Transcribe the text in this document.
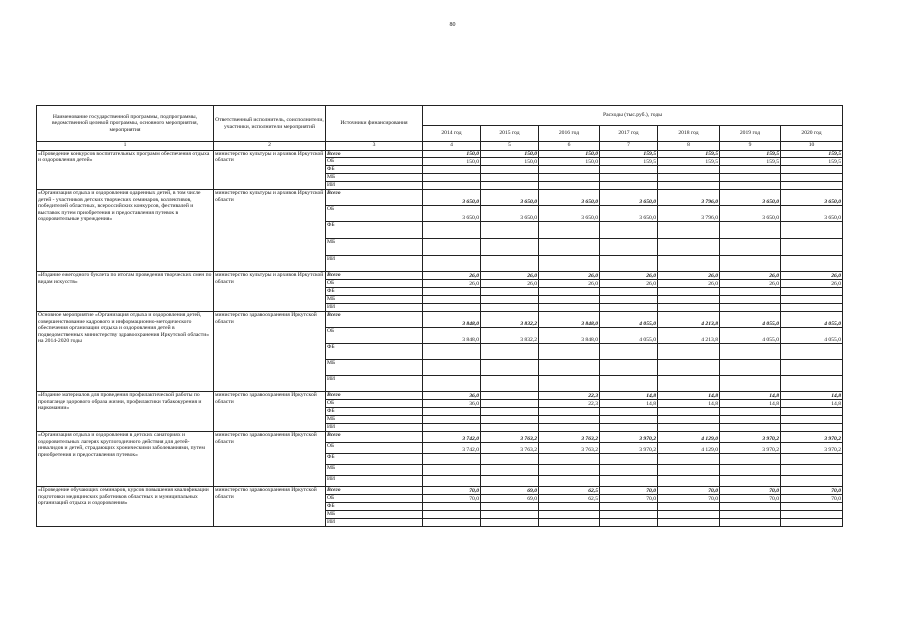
80
Наименование государственной программы, подпрограммы, ведомственной целевой программы, основного мероприятия, мероприятия	Ответственный исполнитель, соисполнители, участники, исполнители мероприятий	Источники финансирования	Расходы (тыс.руб.), годы						
			2014 год	2015 год	2016 год	2017 год	2018 год	2019 год	2020 год
1	2	3	4	5	6	7	8	9	10
«Проведение конкурсов воспитательных программ обеспечения отдыха и оздоровления детей»	министерство культуры и архивов Иркутской области	Всего	150,0	150,0	150,0	159,5	159,5	159,5	159,5
		ОБ	150,0	150,0	150,0	159,5	159,5	159,5	159,5
		ФБ							
		МБ							
		ИИ							
«Организация отдыха и оздоровления одаренных детей, в том числе детей - участников детских творческих семинаров, коллективов, победителей областных, всероссийских конкурсов, фестивалей и выставок путем приобретения и предоставления путевок в оздоровительные учреждения»	министерство культуры и архивов Иркутской области	Всего	3 650,0	3 650,0	3 650,0	3 650,0	3 796,0	3 650,0	3 650,0
		ОБ	3 650,0	3 650,0	3 650,0	3 650,0	3 796,0	3 650,0	3 650,0
		ФБ							
		МБ							
		ИИ							
«Издание ежегодного буклета по итогам проведения творческих смен по видам искусств»	министерство культуры и архивов Иркутской области	Всего	26,0	26,0	26,0	26,0	26,0	26,0	26,0
		ОБ	26,0	26,0	26,0	26,0	26,0	26,0	26,0
		ФБ							
		МБ							
		ИИ							
Основное мероприятие «Организация отдыха и оздоровления детей, совершенствование кадрового и информационно-методического обеспечения организации отдыха и оздоровления детей в подведомственных министерству здравоохранения Иркутской области» на 2014-2020 годы	министерство здравоохранения Иркутской области	Всего	3 848,0	3 832,2	3 848,0	4 055,0	4 213,8	4 055,0	4 055,0
		ОБ	3 848,0	3 832,2	3 848,0	4 055,0	4 213,8	4 055,0	4 055,0
		ФБ							
		МБ							
		ИИ							
«Издание материалов для проведения профилактической работы по пропаганде здорового образа жизни, профилактики табакокурения и наркомании»	министерство здравоохранения Иркутской области	Всего	36,0		22,3	14,8	14,8	14,8	14,8
		ОБ	36,0		22,3	14,8	14,8	14,8	14,8
		ФБ							
		МБ							
		ИИ							
«Организация отдыха и оздоровления в детских санаториях и оздоровительных лагерях круглогодичного действия для детей-инвалидов и детей, страдающих хроническими заболеваниями, путем приобретения и предоставления путевок»	министерство здравоохранения Иркутской области	Всего	3 742,0	3 763,2	3 763,2	3 970,2	4 129,0	3 970,2	3 970,2
		ОБ	3 742,0	3 763,2	3 763,2	3 970,2	4 129,0	3 970,2	3 970,2
		ФБ							
		МБ							
		ИИ							
«Проведение обучающих семинаров, курсов повышения квалификации подготовки медицинских работников областных и муниципальных организаций отдыха и оздоровления»	министерство здравоохранения Иркутской области	Всего	70,0	69,0	62,5	70,0	70,0	70,0	70,0
		ОБ	70,0	69,0	62,5	70,0	70,0	70,0	70,0
		ФБ							
		МБ							
		ИИ							
